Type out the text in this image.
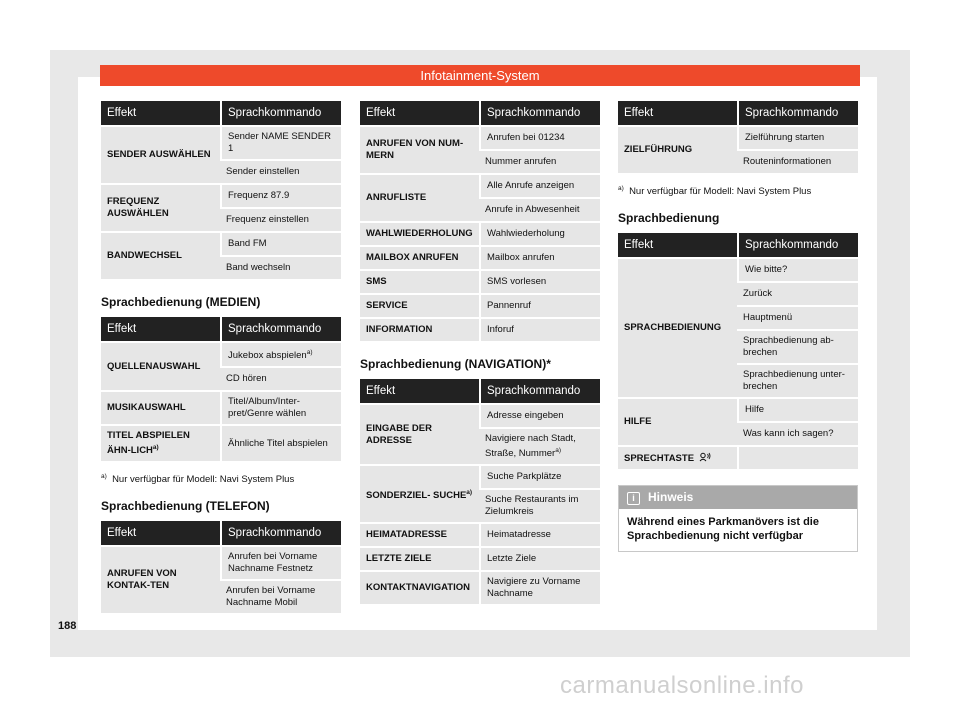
Infotainment-System
Effekt	Sprachkommando
SENDER AUSWÄHLEN	Sender NAME SENDER 1
	Sender einstellen
FREQUENZ AUSWÄHLEN	Frequenz 87.9
	Frequenz einstellen
BANDWECHSEL	Band FM
	Band wechseln
Sprachbedienung (MEDIEN)
Effekt	Sprachkommando
QUELLENAUSWAHL	Jukebox abspielen$^{a)}$
	CD hören
MUSIKAUSWAHL	Titel/Album/Inter-pret/Genre wählen
TITEL ABSPIELEN ÄHN-LICH$^{a)}$	Ähnliche Titel abspielen
$^{a)}$ Nur verfügbar für Modell: Navi System Plus
Sprachbedienung (TELEFON)
Effekt	Sprachkommando
ANRUFEN VON KONTAK-TEN	Anrufen bei Vorname Nachname Festnetz
	Anrufen bei Vorname Nachname Mobil
Effekt	Sprachkommando
ANRUFEN VON NUM-MERN	Anrufen bei 01234
	Nummer anrufen
ANRUFLISTE	Alle Anrufe anzeigen
	Anrufe in Abwesenheit
WAHLWIEDERHOLUNG	Wahlwiederholung
MAILBOX ANRUFEN	Mailbox anrufen
SMS	SMS vorlesen
SERVICE	Pannenruf
INFORMATION	Inforuf
Sprachbedienung (NAVIGATION)*
Effekt	Sprachkommando
EINGABE DER ADRESSE	Adresse eingeben
	Navigiere nach Stadt, Straße, Nummer$^{a)}$
SONDERZIEL- SUCHE$^{a)}$	Suche Parkplätze
	Suche Restaurants im Zielumkreis
HEIMATADRESSE	Heimatadresse
LETZTE ZIELE	Letzte Ziele
KONTAKTNAVIGATION	Navigiere zu Vorname Nachname
Effekt	Sprachkommando
ZIELFÜHRUNG	Zielführung starten
	Routeninformationen
$^{a)}$ Nur verfügbar für Modell: Navi System Plus
Sprachbedienung
Effekt	Sprachkommando
SPRACHBEDIENUNG	Wie bitte?
	Zurück
	Hauptmenü
	Sprachbedienung ab-brechen
	Sprachbedienung unter-brechen
HILFE	Hilfe
	Was kann ich sagen?
SPRECHTASTE	
i Hinweis
Während eines Parkmanövers ist die Sprachbedienung nicht verfügbar
188
carmanualsonline.info
